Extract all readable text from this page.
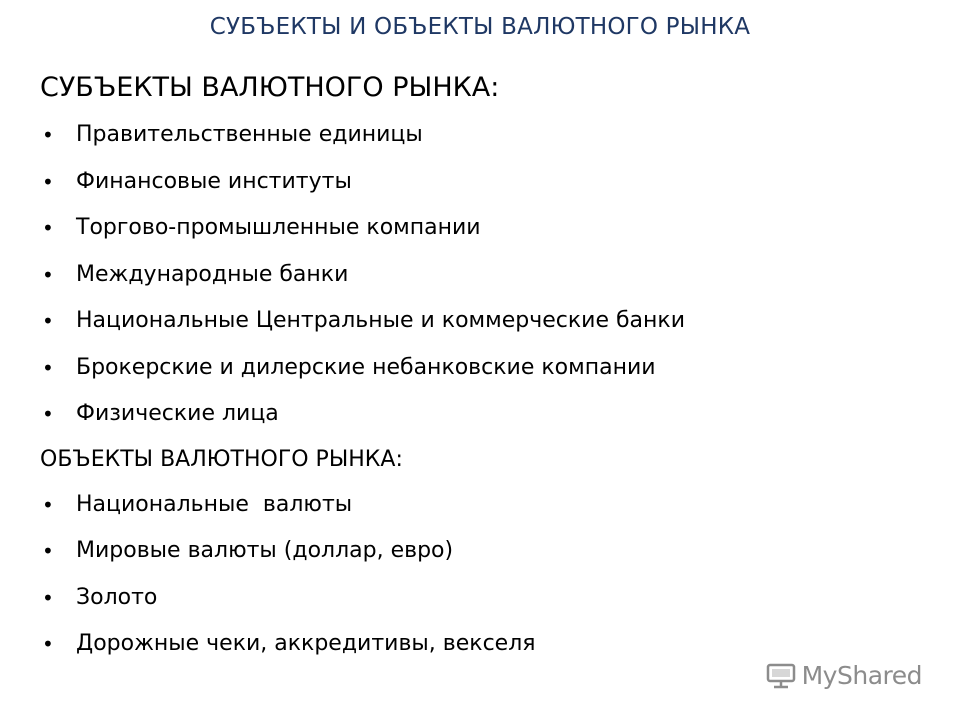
СУБЪЕКТЫ И ОБЪЕКТЫ ВАЛЮТНОГО РЫНКА
СУБЪЕКТЫ ВАЛЮТНОГО РЫНКА:
• Правительственные единицы
• Финансовые институты
• Торгово-промышленные компании
• Международные банки
• Национальные Центральные и коммерческие банки
• Брокерские и дилерские небанковские компании
• Физические лица
ОБЪЕКТЫ ВАЛЮТНОГО РЫНКА:
• Национальные  валюты
• Мировые валюты (доллар, евро)
• Золото
• Дорожные чеки, аккредитивы, векселя
MyShared
